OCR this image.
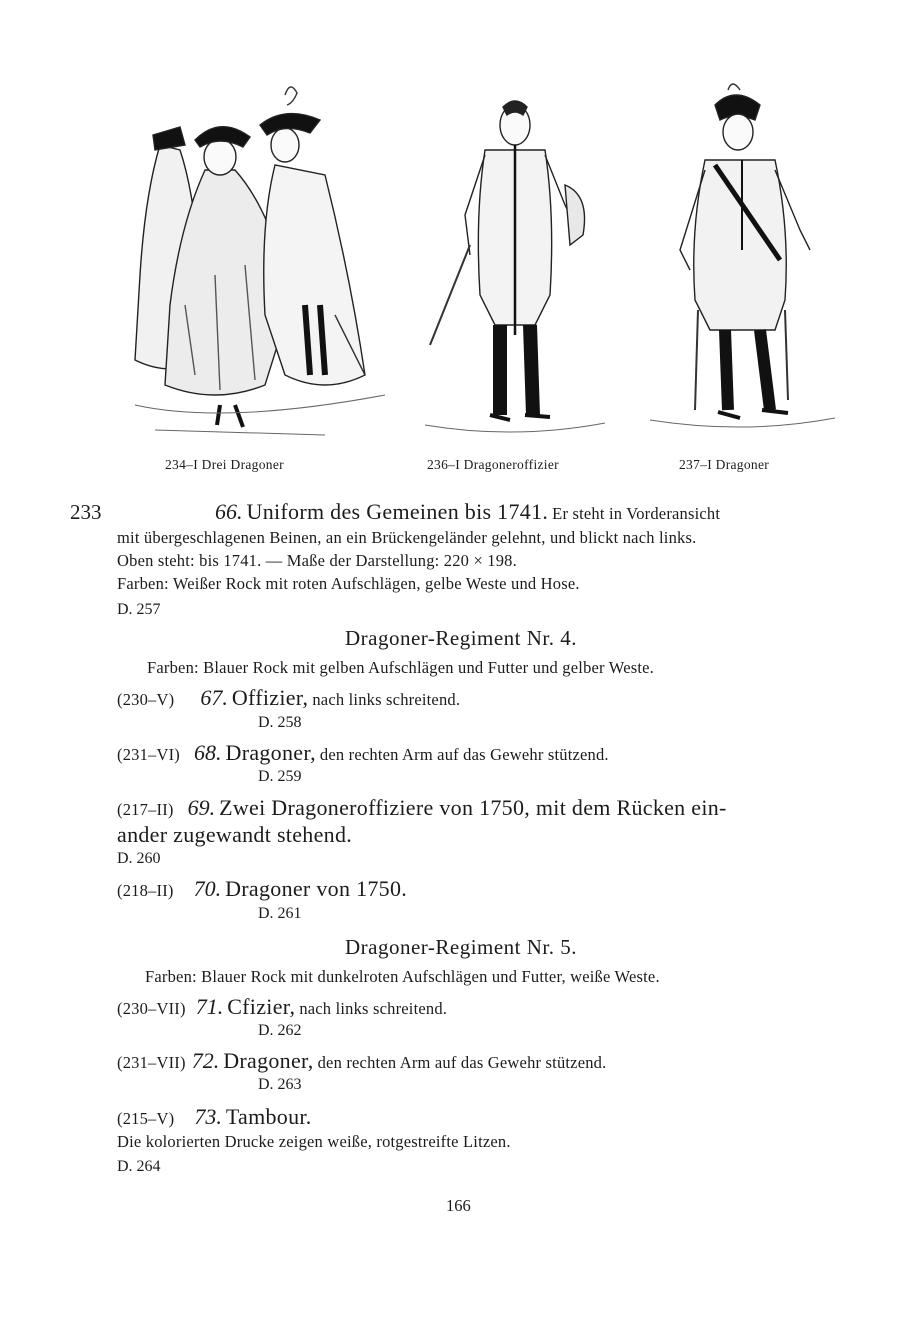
234–I Drei Dragoner	236–I Dragoneroffizier	237–I Dragoner
233	66. Uniform des Gemeinen bis 1741. Er steht in Vorderansicht
mit übergeschlagenen Beinen, an ein Brückengeländer gelehnt, und blickt nach links.
Oben steht: bis 1741. — Maße der Darstellung: 220 × 198.
Farben: Weißer Rock mit roten Aufschlägen, gelbe Weste und Hose.
D. 257
Dragoner-Regiment Nr. 4.
Farben: Blauer Rock mit gelben Aufschlägen und Futter und gelber Weste.
(230–V) 67. Offizier, nach links schreitend.
D. 258
(231–VI) 68. Dragoner, den rechten Arm auf das Gewehr stützend.
D. 259
(217–II) 69. Zwei Dragoneroffiziere von 1750, mit dem Rücken ein-
ander zugewandt stehend.
D. 260
(218–II) 70. Dragoner von 1750.
D. 261
Dragoner-Regiment Nr. 5.
Farben: Blauer Rock mit dunkelroten Aufschlägen und Futter, weiße Weste.
(230–VII) 71. Cfizier, nach links schreitend.
D. 262
(231–VII) 72. Dragoner, den rechten Arm auf das Gewehr stützend.
D. 263
(215–V) 73. Tambour.
Die kolorierten Drucke zeigen weiße, rotgestreifte Litzen.
D. 264
166
